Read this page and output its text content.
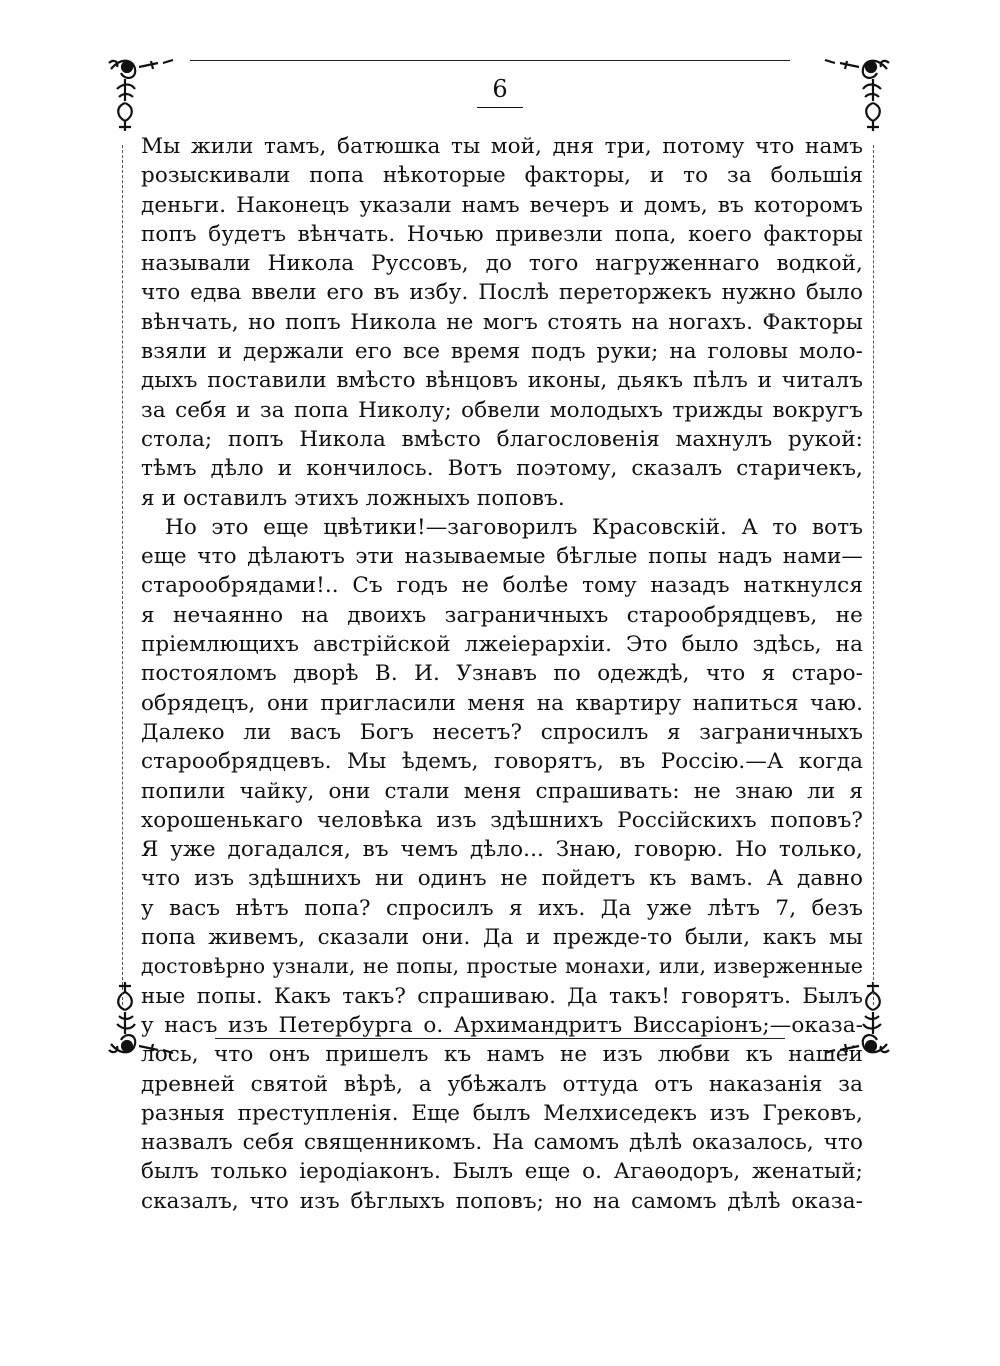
6
Мы жили тамъ, батюшка ты мой, дня три, потому что намъ
розыскивали попа нѣкоторые факторы, и то за большія
деньги. Наконецъ указали намъ вечеръ и домъ, въ которомъ
попъ будетъ вѣнчать. Ночью привезли попа, коего факторы
называли Никола Руссовъ, до того нагруженнаго водкой,
что едва ввели его въ избу. Послѣ переторжекъ нужно было
вѣнчать, но попъ Никола не могъ стоять на ногахъ. Факторы
взяли и держали его все время подъ руки; на головы моло-
дыхъ поставили вмѣсто вѣнцовъ иконы, дьякъ пѣлъ и читалъ
за себя и за попа Николу; обвели молодыхъ трижды вокругъ
стола; попъ Никола вмѣсто благословенія махнулъ рукой:
тѣмъ дѣло и кончилось. Вотъ поэтому, сказалъ старичекъ,
я и оставилъ этихъ ложныхъ поповъ.
Но это еще цвѣтики!—заговорилъ Красовскій. А то вотъ
еще что дѣлаютъ эти называемые бѣглые попы надъ нами—
старообрядами!.. Съ годъ не болѣе тому назадъ наткнулся
я нечаянно на двоихъ заграничныхъ старообрядцевъ, не
пріемлющихъ австрійской лжеіерархіи. Это было здѣсь, на
постояломъ дворѣ В. И. Узнавъ по одеждѣ, что я старо-
обрядецъ, они пригласили меня на квартиру напиться чаю.
Далеко ли васъ Богъ несетъ? спросилъ я заграничныхъ
старообрядцевъ. Мы ѣдемъ, говорятъ, въ Россію.—А когда
попили чайку, они стали меня спрашивать: не знаю ли я
хорошенькаго человѣка изъ здѣшнихъ Россійскихъ поповъ?
Я уже догадался, въ чемъ дѣло... Знаю, говорю. Но только,
что изъ здѣшнихъ ни одинъ не пойдетъ къ вамъ. А давно
у васъ нѣтъ попа? спросилъ я ихъ. Да уже лѣтъ 7, безъ
попа живемъ, сказали они. Да и прежде-то были, какъ мы
достовѣрно узнали, не попы, простые монахи, или, изверженные
ные попы. Какъ такъ? спрашиваю. Да такъ! говорятъ. Былъ
у насъ изъ Петербурга о. Архимандритъ Виссаріонъ;—оказа-
лось, что онъ пришелъ къ намъ не изъ любви къ нашей
древней святой вѣрѣ, а убѣжалъ оттуда отъ наказанія за
разныя преступленія. Еще былъ Мелхиседекъ изъ Грековъ,
назвалъ себя священникомъ. На самомъ дѣлѣ оказалось, что
былъ только іеродіаконъ. Былъ еще о. Агаѳодоръ, женатый;
сказалъ, что изъ бѣглыхъ поповъ; но на самомъ дѣлѣ оказа-
